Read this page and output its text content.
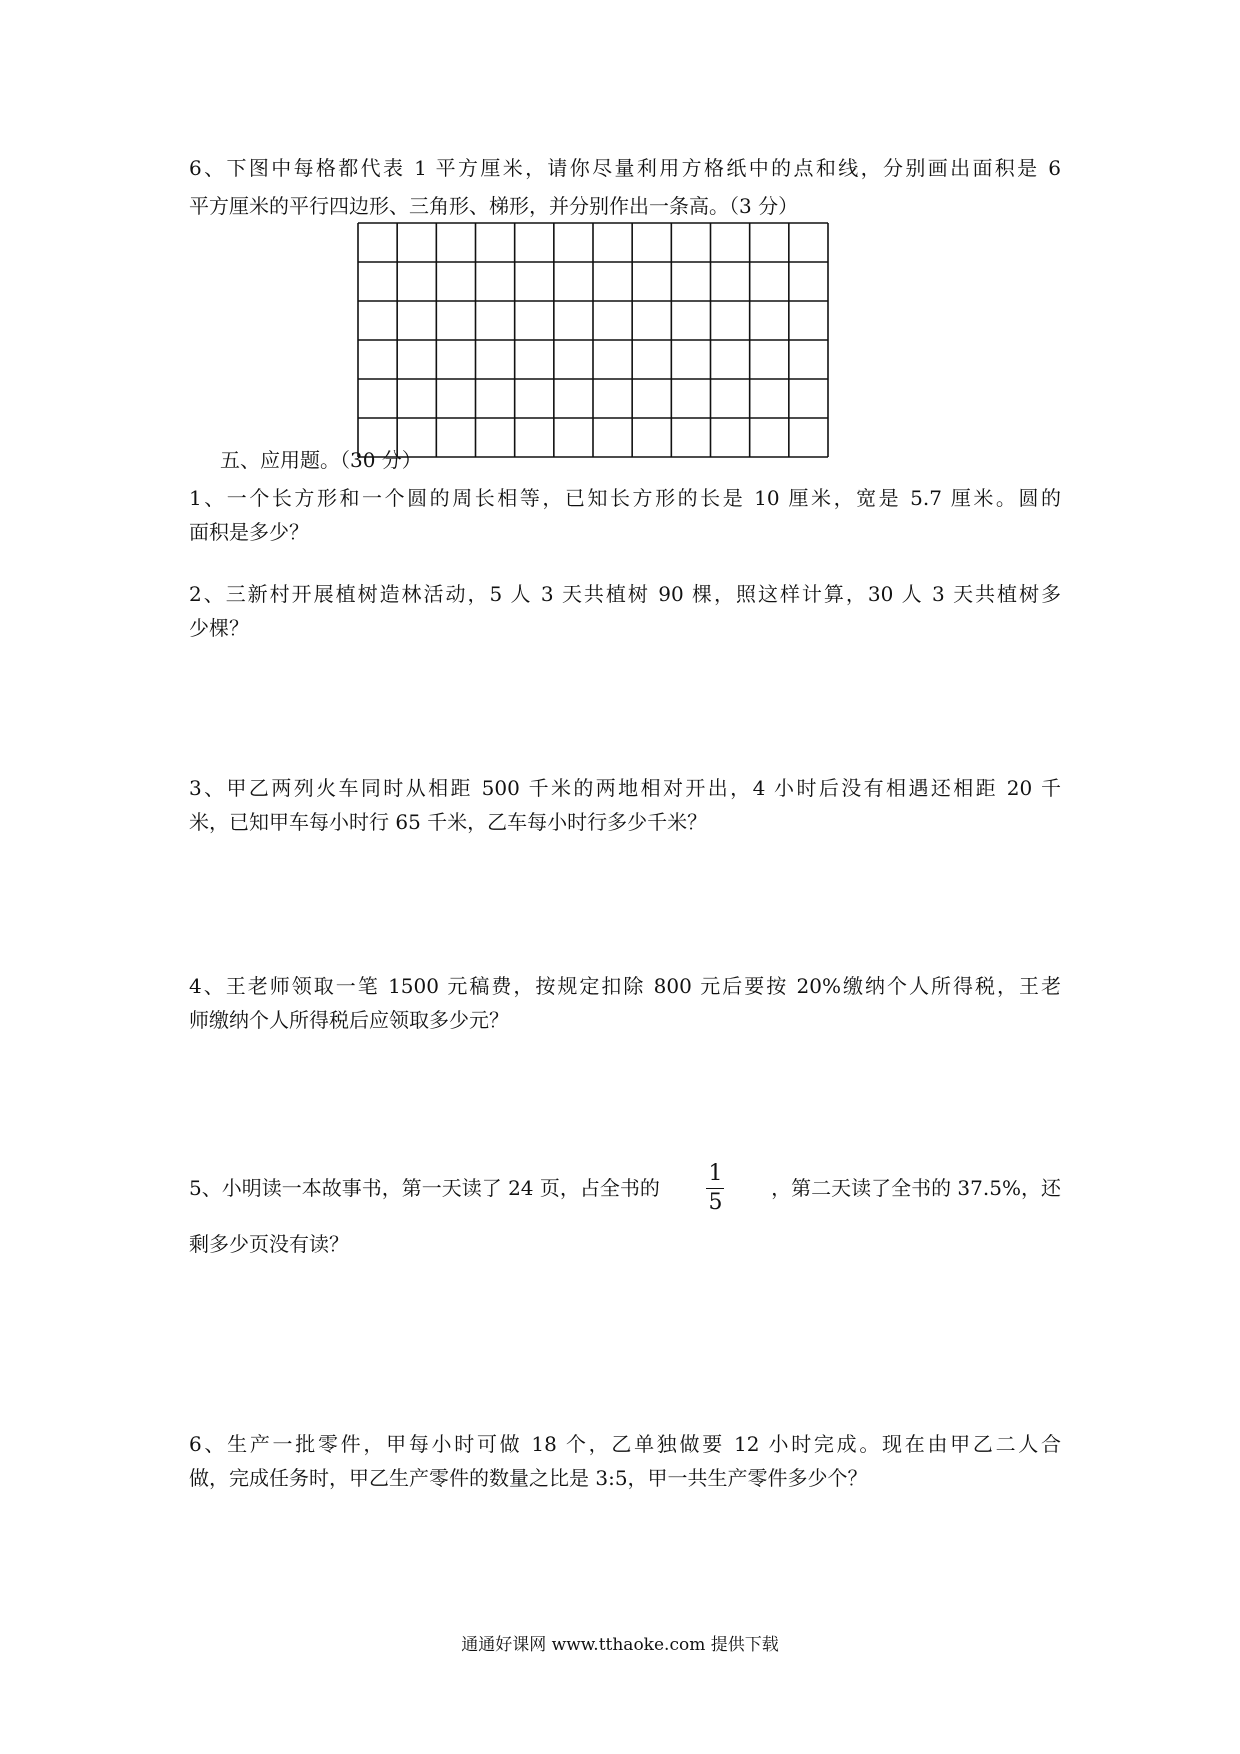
6、下图中每格都代表 1 平方厘米，请你尽量利用方格纸中的点和线，分别画出面积是 6
平方厘米的平行四边形、三角形、梯形，并分别作出一条高。（3 分）
五、应用题。（30 分）
1、一个长方形和一个圆的周长相等，已知长方形的长是 10 厘米，宽是 5.7 厘米。圆的
面积是多少？
2、三新村开展植树造林活动，5 人 3 天共植树 90 棵，照这样计算，30 人 3 天共植树多
少棵？
3、甲乙两列火车同时从相距 500 千米的两地相对开出，4 小时后没有相遇还相距 20 千
米，已知甲车每小时行 65 千米，乙车每小时行多少千米？
4、王老师领取一笔 1500 元稿费，按规定扣除 800 元后要按 20%缴纳个人所得税，王老
师缴纳个人所得税后应领取多少元？
5、小明读一本故事书，第一天读了 24 页，占全书的 $\frac{1}{5}$ ，第二天读了全书的 37.5%，还
剩多少页没有读？
6、生产一批零件，甲每小时可做 18 个，乙单独做要 12 小时完成。现在由甲乙二人合
做，完成任务时，甲乙生产零件的数量之比是 3:5，甲一共生产零件多少个？
通通好课网 www.tthaoke.com 提供下载
